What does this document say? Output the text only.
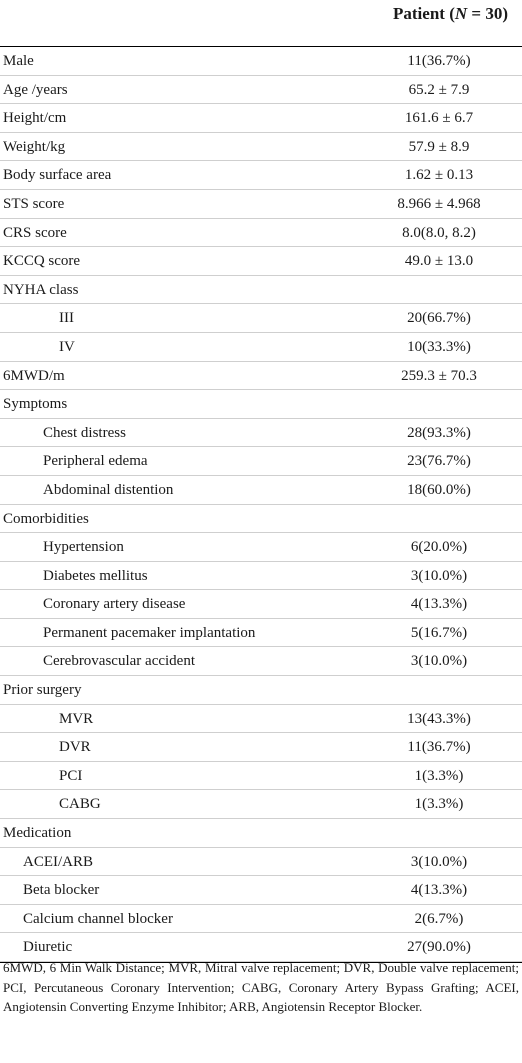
Patient (N = 30)
Male	11(36.7%)
Age /years	65.2 ± 7.9
Height/cm	161.6 ± 6.7
Weight/kg	57.9 ± 8.9
Body surface area	1.62 ± 0.13
STS score	8.966 ± 4.968
CRS score	8.0(8.0, 8.2)
KCCQ score	49.0 ± 13.0
NYHA class
III	20(66.7%)
IV	10(33.3%)
6MWD/m	259.3 ± 70.3
Symptoms
Chest distress	28(93.3%)
Peripheral edema	23(76.7%)
Abdominal distention	18(60.0%)
Comorbidities
Hypertension	6(20.0%)
Diabetes mellitus	3(10.0%)
Coronary artery disease	4(13.3%)
Permanent pacemaker implantation	5(16.7%)
Cerebrovascular accident	3(10.0%)
Prior surgery
MVR	13(43.3%)
DVR	11(36.7%)
PCI	1(3.3%)
CABG	1(3.3%)
Medication
ACEI/ARB	3(10.0%)
Beta blocker	4(13.3%)
Calcium channel blocker	2(6.7%)
Diuretic	27(90.0%)
6MWD, 6 Min Walk Distance; MVR, Mitral valve replacement; DVR, Double valve replacement; PCI, Percutaneous Coronary Intervention; CABG, Coronary Artery Bypass Grafting; ACEI, Angiotensin Converting Enzyme Inhibitor; ARB, Angiotensin Receptor Blocker.
